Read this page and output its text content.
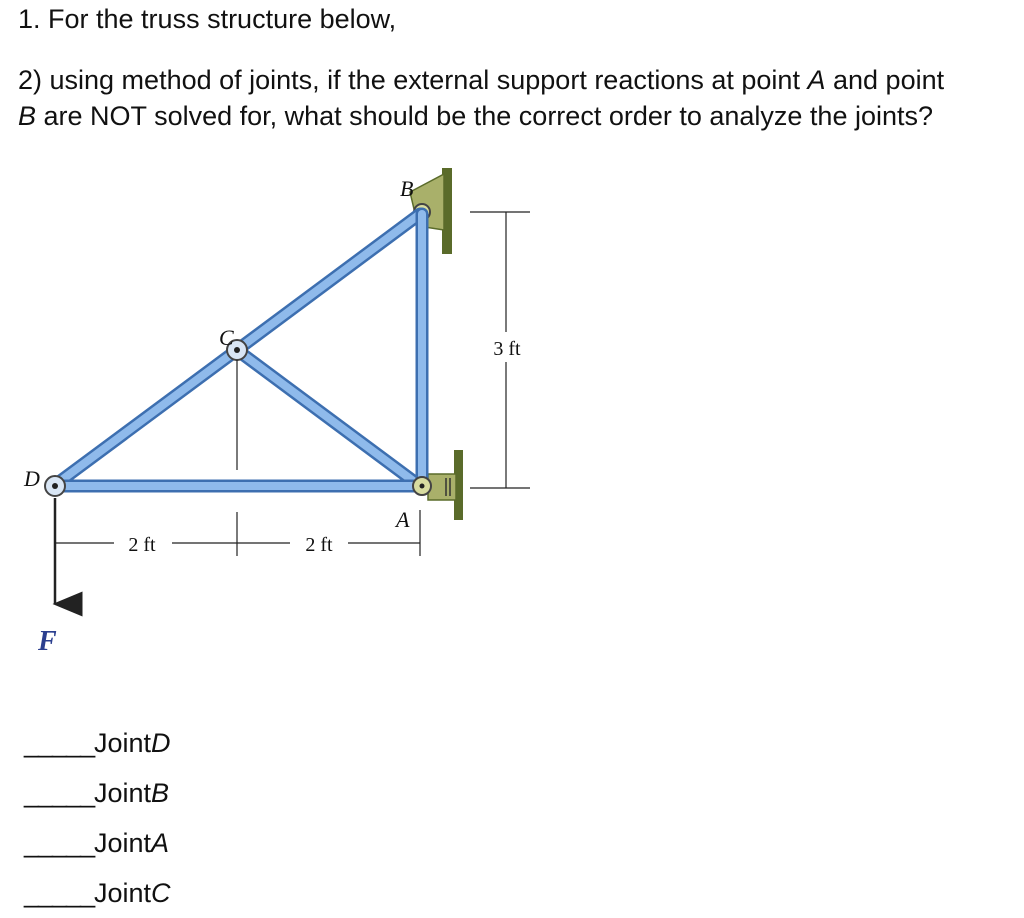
1. For the truss structure below,

2) using method of joints, if the external support reactions at point A and point
B are NOT solved for, what should be the correct order to analyze the joints?

2 ft	2 ft
3 ft
B
C
D
A
F
_____ Joint D
_____ Joint B
_____ Joint A
_____ Joint C
